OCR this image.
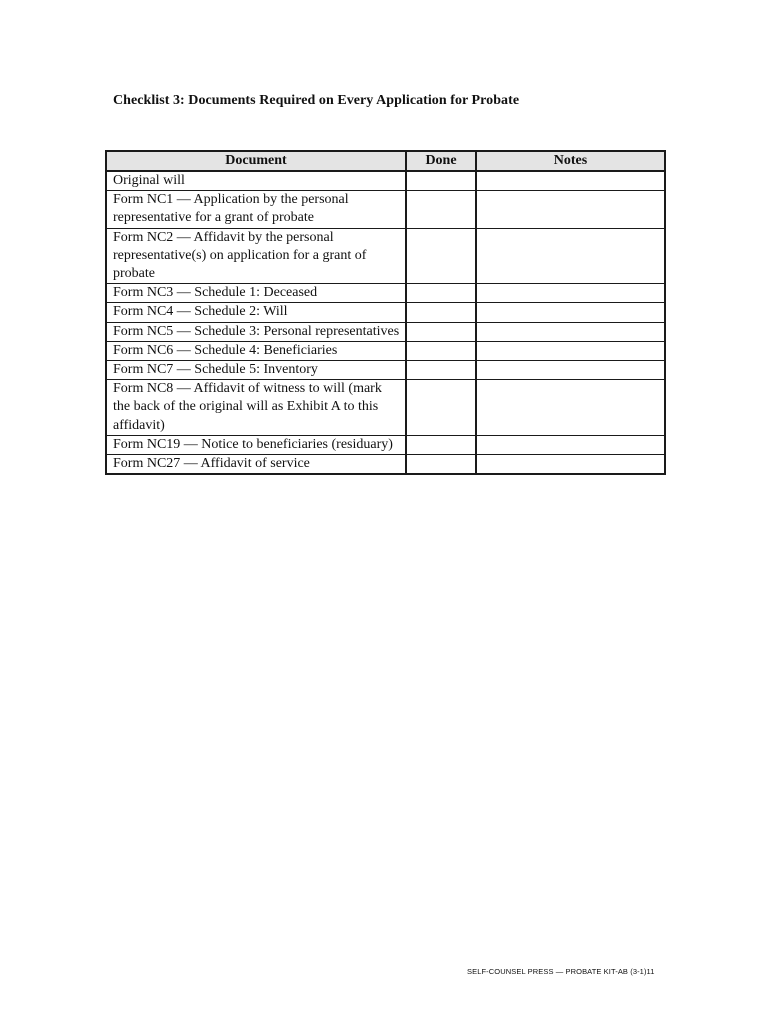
Checklist 3: Documents Required on Every Application for Probate
Document	Done	Notes
Original will		
Form NC1 — Application by the personal representative for a grant of probate		
Form NC2 — Affidavit by the personal representative(s) on application for a grant of probate		
Form NC3 — Schedule 1: Deceased		
Form NC4 — Schedule 2: Will		
Form NC5 — Schedule 3: Personal representatives		
Form NC6 — Schedule 4: Beneficiaries		
Form NC7 — Schedule 5: Inventory		
Form NC8 — Affidavit of witness to will (mark the back of the original will as Exhibit A to this affidavit)		
Form NC19 — Notice to beneficiaries (residuary)		
Form NC27 — Affidavit of service		
SELF-COUNSEL PRESS — PROBATE KIT-AB (3-1)11
